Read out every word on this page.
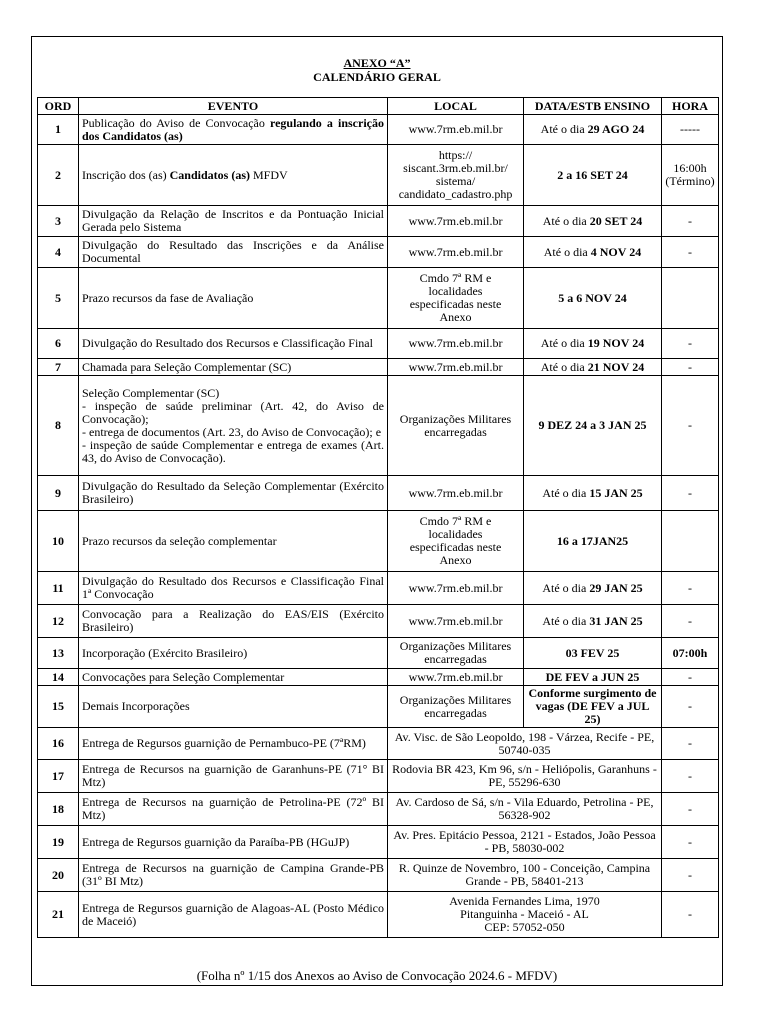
ANEXO “A”
CALENDÁRIO GERAL
ORD	EVENTO	LOCAL	DATA/ESTB ENSINO	HORA
1	Publicação do Aviso de Convocação regulando a inscrição dos Candidatos (as)	www.7rm.eb.mil.br	Até o dia 29 AGO 24	-----
2	Inscrição dos (as) Candidatos (as) MFDV	https://
siscant.3rm.eb.mil.br/
sistema/
candidato_cadastro.php	2 a 16 SET 24	16:00h
(Término)
3	Divulgação da Relação de Inscritos e da Pontuação Inicial Gerada pelo Sistema	www.7rm.eb.mil.br	Até o dia 20 SET 24	-
4	Divulgação do Resultado das Inscrições e da Análise Documental	www.7rm.eb.mil.br	Até o dia 4 NOV 24	-
5	Prazo recursos da fase de Avaliação	Cmdo 7ª RM e
localidades
especificadas neste
Anexo	5 a 6 NOV 24	
6	Divulgação do Resultado dos Recursos e Classificação Final	www.7rm.eb.mil.br	Até o dia 19 NOV 24	-
7	Chamada para Seleção Complementar (SC)	www.7rm.eb.mil.br	Até o dia 21 NOV 24	-
8	Seleção Complementar (SC)
- inspeção de saúde preliminar (Art. 42, do Aviso de Convocação);
- entrega de documentos (Art. 23, do Aviso de Convocação); e
- inspeção de saúde Complementar e entrega de exames (Art. 43, do Aviso de Convocação).	Organizações Militares encarregadas	9 DEZ 24 a 3 JAN 25	-
9	Divulgação do Resultado da Seleção Complementar (Exército Brasileiro)	www.7rm.eb.mil.br	Até o dia 15 JAN 25	-
10	Prazo recursos da seleção complementar	Cmdo 7ª RM e
localidades
especificadas neste
Anexo	16 a 17JAN25	
11	Divulgação do Resultado dos Recursos e Classificação Final 1ª Convocação	www.7rm.eb.mil.br	Até o dia 29 JAN 25	-
12	Convocação para a Realização do EAS/EIS (Exército Brasileiro)	www.7rm.eb.mil.br	Até o dia 31 JAN 25	-
13	Incorporação (Exército Brasileiro)	Organizações Militares encarregadas	03 FEV 25	07:00h
14	Convocações para Seleção Complementar	www.7rm.eb.mil.br	DE FEV a JUN 25	-
15	Demais Incorporações	Organizações Militares encarregadas	Conforme surgimento de vagas (DE FEV a JUL 25)	-
16	Entrega de Regursos guarnição de Pernambuco-PE (7ªRM)	Av. Visc. de São Leopoldo, 198 - Várzea, Recife - PE, 50740-035		-
17	Entrega de Recursos na guarnição de Garanhuns-PE (71° BI Mtz)	Rodovia BR 423, Km 96, s/n - Heliópolis, Garanhuns - PE, 55296-630		-
18	Entrega de Recursos na guarnição de Petrolina-PE (72º BI Mtz)	Av. Cardoso de Sá, s/n - Vila Eduardo, Petrolina - PE, 56328-902		-
19	Entrega de Regursos guarnição da Paraíba-PB (HGuJP)	Av. Pres. Epitácio Pessoa, 2121 - Estados, João Pessoa - PB, 58030-002		-
20	Entrega de Recursos na guarnição de Campina Grande-PB (31º BI Mtz)	R. Quinze de Novembro, 100 - Conceição, Campina Grande - PB, 58401-213		-
21	Entrega de Regursos guarnição de Alagoas-AL (Posto Médico de Maceió)	Avenida Fernandes Lima, 1970
Pitanguinha - Maceió - AL
CEP: 57052-050		-
(Folha nº 1/15 dos Anexos ao Aviso de Convocação 2024.6 - MFDV)
